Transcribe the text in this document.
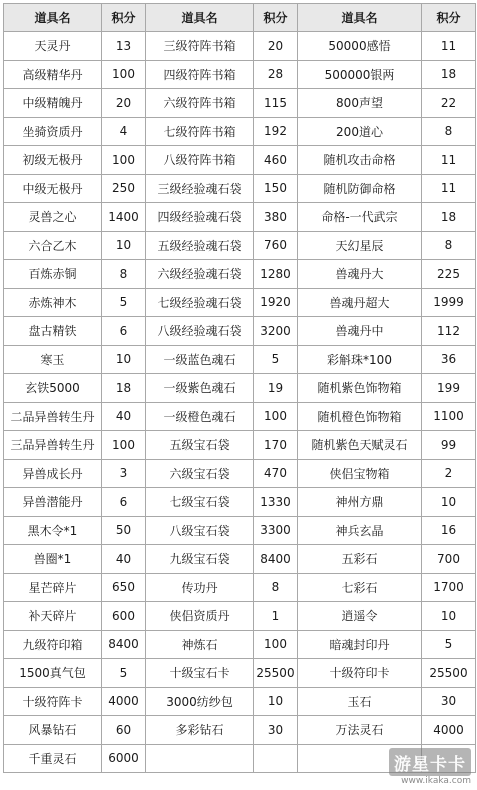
道具名	积分	道具名	积分	道具名	积分
天灵丹	13	三级符阵书箱	20	50000感悟	11
高级精华丹	100	四级符阵书箱	28	500000银两	18
中级精魄丹	20	六级符阵书箱	115	800声望	22
坐骑资质丹	4	七级符阵书箱	192	200道心	8
初级无极丹	100	八级符阵书箱	460	随机攻击命格	11
中级无极丹	250	三级经验魂石袋	150	随机防御命格	11
灵兽之心	1400	四级经验魂石袋	380	命格-一代武宗	18
六合乙木	10	五级经验魂石袋	760	天幻星辰	8
百炼赤铜	8	六级经验魂石袋	1280	兽魂丹大	225
赤炼神木	5	七级经验魂石袋	1920	兽魂丹超大	1999
盘古精铁	6	八级经验魂石袋	3200	兽魂丹中	112
寒玉	10	一级蓝色魂石	5	彩斛珠*100	36
玄铁5000	18	一级紫色魂石	19	随机紫色饰物箱	199
二品异兽转生丹	40	一级橙色魂石	100	随机橙色饰物箱	1100
三品异兽转生丹	100	五级宝石袋	170	随机紫色天赋灵石	99
异兽成长丹	3	六级宝石袋	470	侠侣宝物箱	2
异兽潜能丹	6	七级宝石袋	1330	神州方鼎	10
黑木令*1	50	八级宝石袋	3300	神兵玄晶	16
兽圈*1	40	九级宝石袋	8400	五彩石	700
星芒碎片	650	传功丹	8	七彩石	1700
补天碎片	600	侠侣资质丹	1	逍遥令	10
九级符印箱	8400	神炼石	100	暗魂封印丹	5
1500真气包	5	十级宝石卡	25500	十级符印卡	25500
十级符阵卡	4000	3000纺纱包	10	玉石	30
风暴钻石	60	多彩钻石	30	万法灵石	4000
千重灵石	6000					游星卡卡
www.ikaka.com
